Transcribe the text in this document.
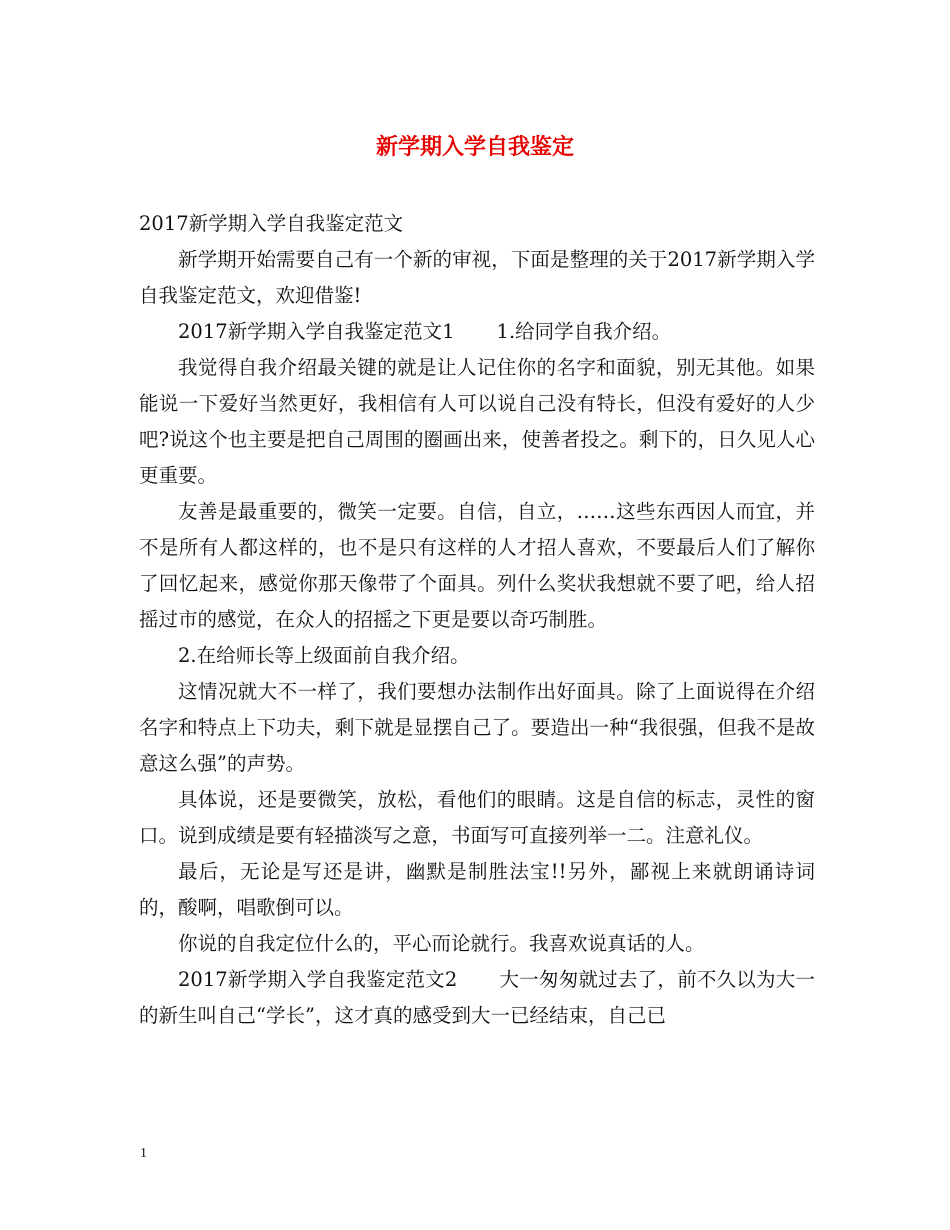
新学期入学自我鉴定

2017新学期入学自我鉴定范文

新学期开始需要自己有一个新的审视，下面是整理的关于2017新学期入学自我鉴定范文，欢迎借鉴!

2017新学期入学自我鉴定范文1 1.给同学自我介绍。

我觉得自我介绍最关键的就是让人记住你的名字和面貌，别无其他。如果能说一下爱好当然更好，我相信有人可以说自己没有特长，但没有爱好的人少吧?说这个也主要是把自己周围的圈画出来，使善者投之。剩下的，日久见人心更重要。

友善是最重要的，微笑一定要。自信，自立，……这些东西因人而宜，并不是所有人都这样的，也不是只有这样的人才招人喜欢，不要最后人们了解你了回忆起来，感觉你那天像带了个面具。列什么奖状我想就不要了吧，给人招摇过市的感觉，在众人的招摇之下更是要以奇巧制胜。

2.在给师长等上级面前自我介绍。

这情况就大不一样了，我们要想办法制作出好面具。除了上面说得在介绍名字和特点上下功夫，剩下就是显摆自己了。要造出一种“我很强，但我不是故意这么强”的声势。

具体说，还是要微笑，放松，看他们的眼睛。这是自信的标志，灵性的窗口。说到成绩是要有轻描淡写之意，书面写可直接列举一二。注意礼仪。

最后，无论是写还是讲，幽默是制胜法宝!!另外，鄙视上来就朗诵诗词的，酸啊，唱歌倒可以。

你说的自我定位什么的，平心而论就行。我喜欢说真话的人。

2017新学期入学自我鉴定范文2 大一匆匆就过去了，前不久以为大一的新生叫自己“学长”，这才真的感受到大一已经结束，自己已

1
